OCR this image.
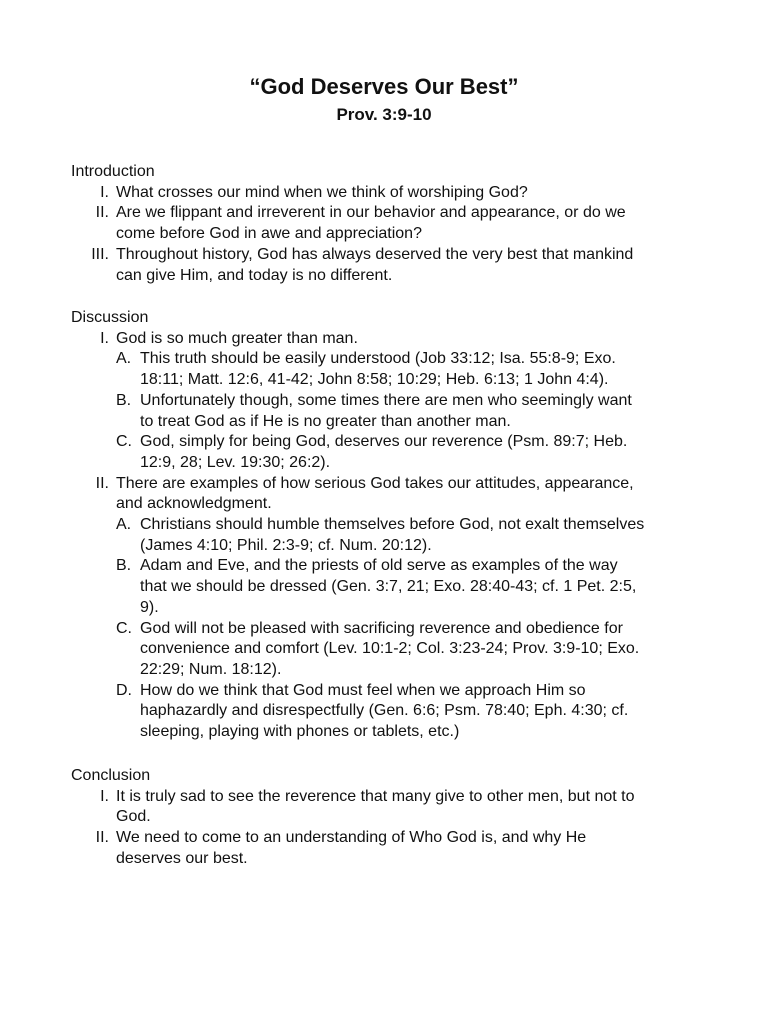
“God Deserves Our Best”
Prov. 3:9-10
Introduction
I. What crosses our mind when we think of worshiping God?
II. Are we flippant and irreverent in our behavior and appearance, or do we
come before God in awe and appreciation?
III. Throughout history, God has always deserved the very best that mankind
can give Him, and today is no different.
Discussion
I. God is so much greater than man.
A. This truth should be easily understood (Job 33:12; Isa. 55:8-9; Exo.
18:11; Matt. 12:6, 41-42; John 8:58; 10:29; Heb. 6:13; 1 John 4:4).
B. Unfortunately though, some times there are men who seemingly want
to treat God as if He is no greater than another man.
C. God, simply for being God, deserves our reverence (Psm. 89:7; Heb.
12:9, 28; Lev. 19:30; 26:2).
II. There are examples of how serious God takes our attitudes, appearance,
and acknowledgment.
A. Christians should humble themselves before God, not exalt themselves
(James 4:10; Phil. 2:3-9; cf. Num. 20:12).
B. Adam and Eve, and the priests of old serve as examples of the way
that we should be dressed (Gen. 3:7, 21; Exo. 28:40-43; cf. 1 Pet. 2:5,
9).
C. God will not be pleased with sacrificing reverence and obedience for
convenience and comfort (Lev. 10:1-2; Col. 3:23-24; Prov. 3:9-10; Exo.
22:29; Num. 18:12).
D. How do we think that God must feel when we approach Him so
haphazardly and disrespectfully (Gen. 6:6; Psm. 78:40; Eph. 4:30; cf.
sleeping, playing with phones or tablets, etc.)
Conclusion
I. It is truly sad to see the reverence that many give to other men, but not to
God.
II. We need to come to an understanding of Who God is, and why He
deserves our best.
